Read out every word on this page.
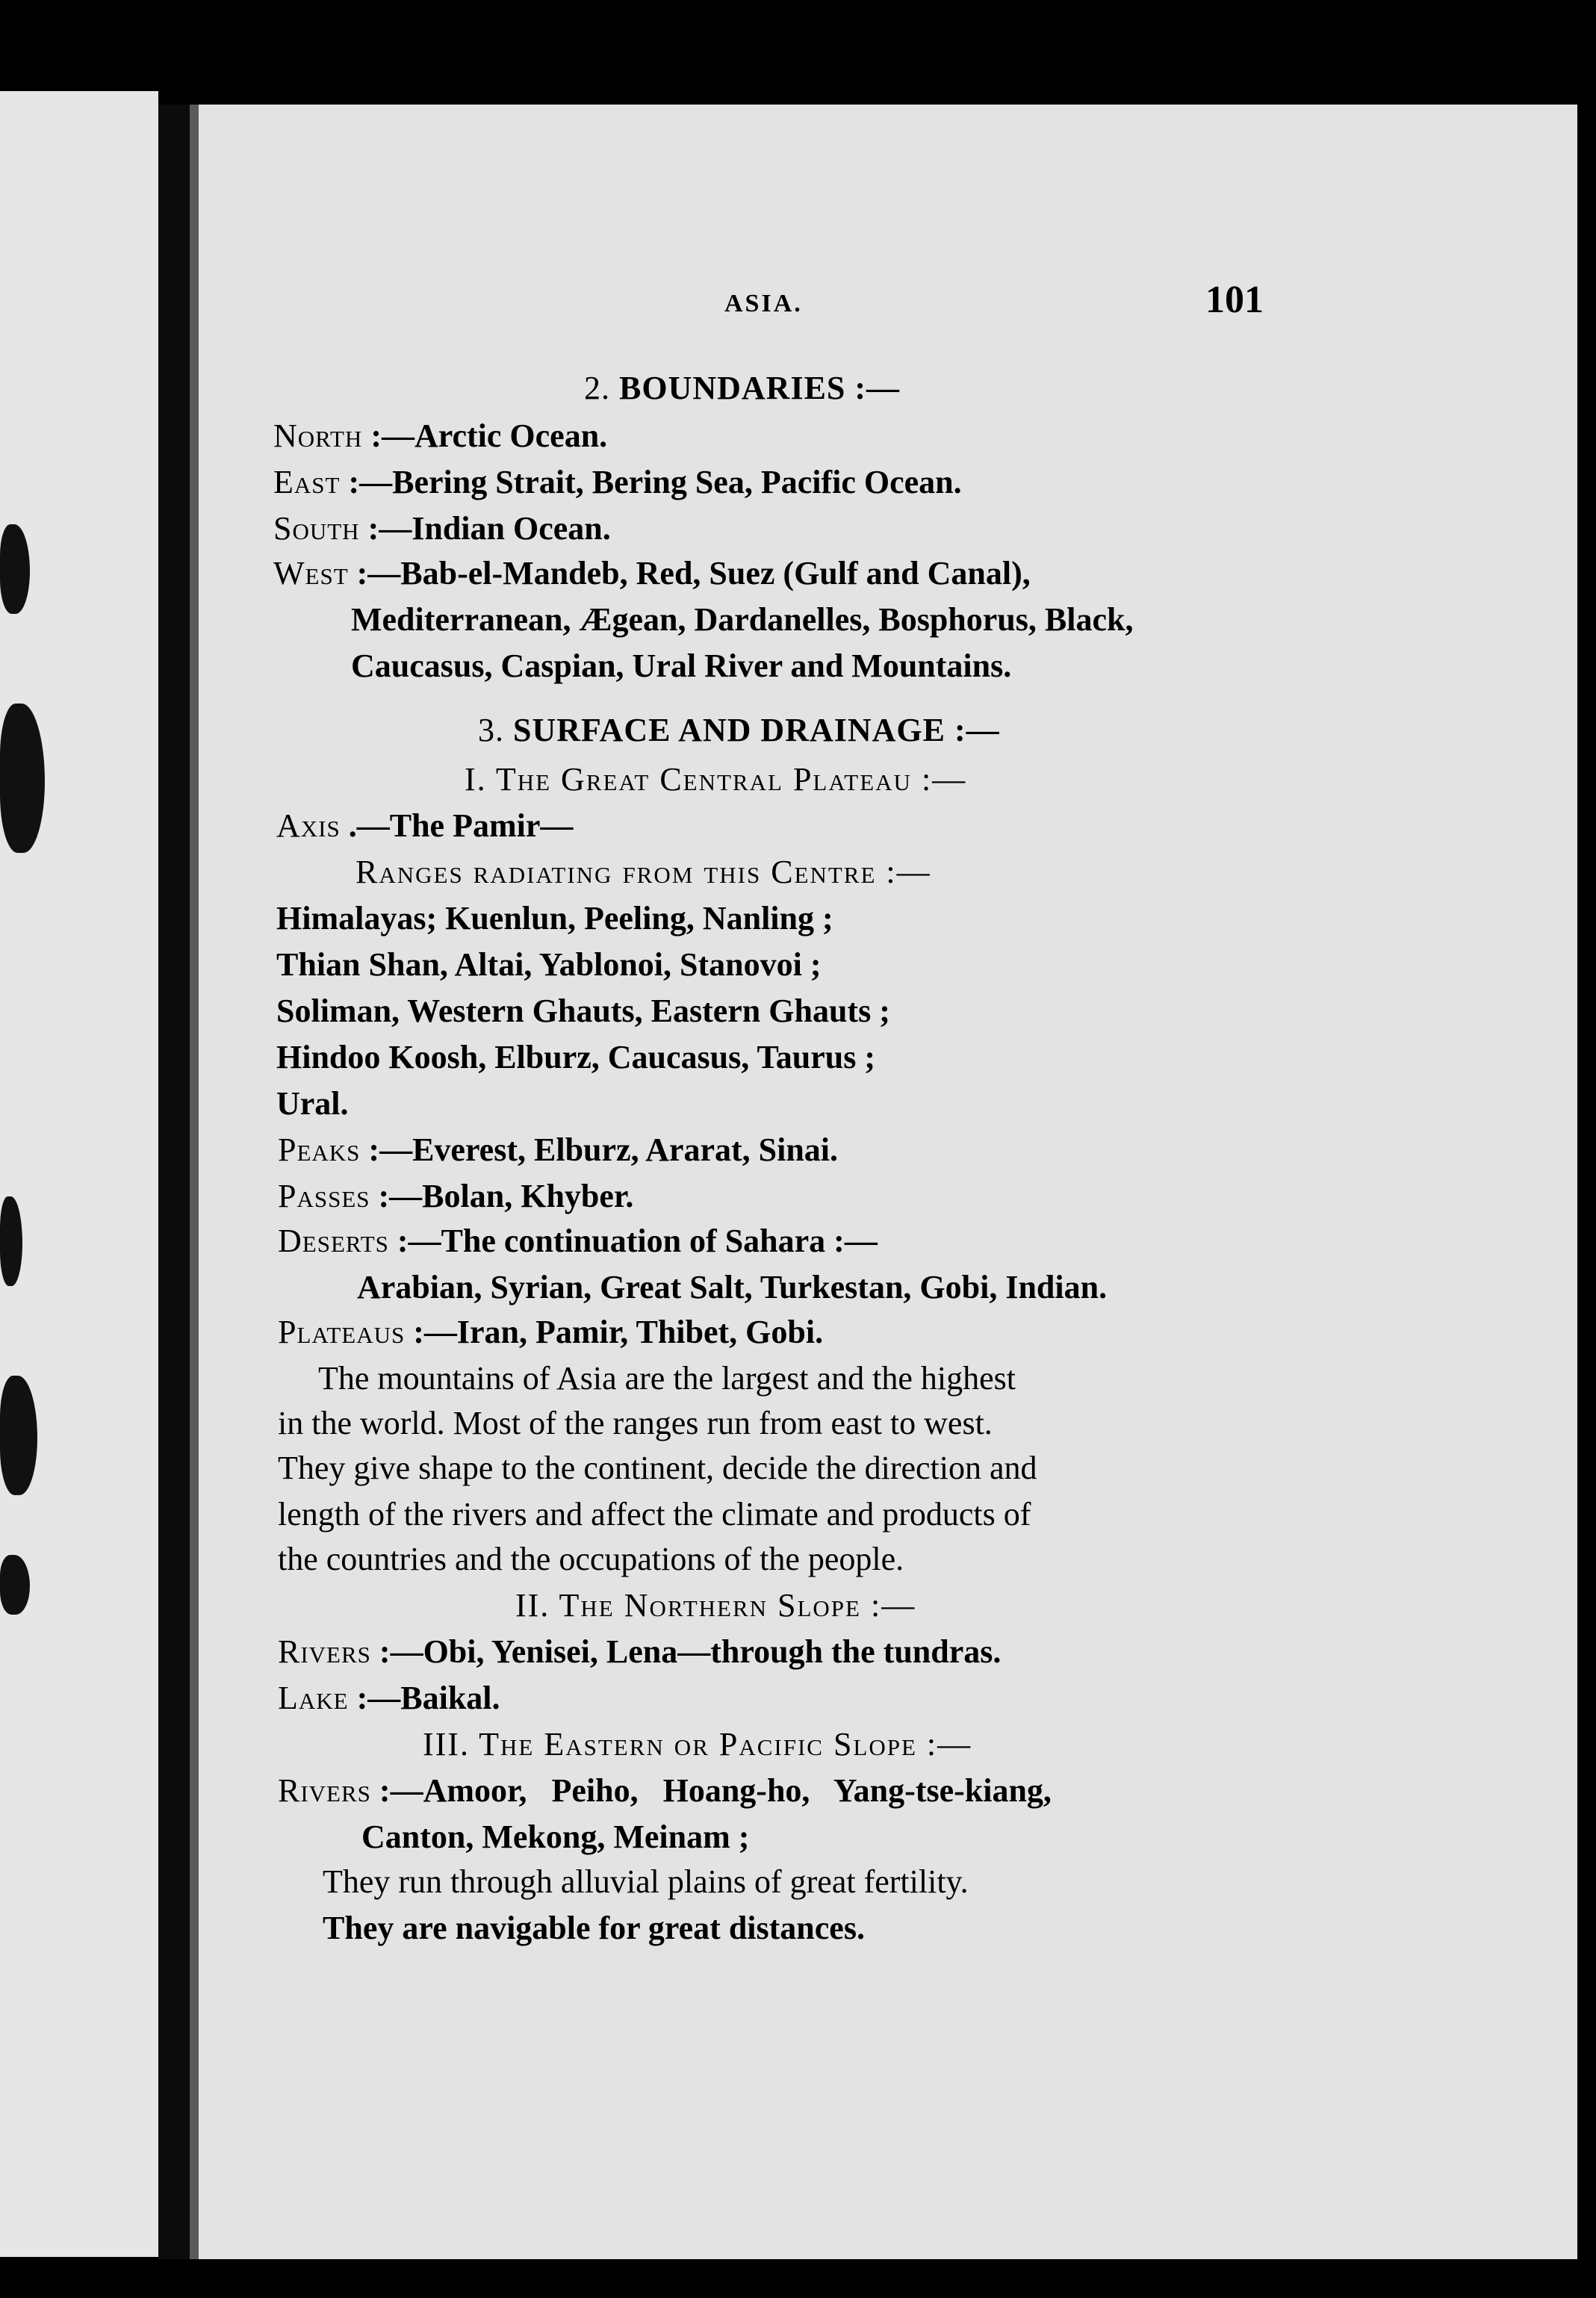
ASIA.	101
2. BOUNDARIES :—
North :—Arctic Ocean.
East :—Bering Strait, Bering Sea, Pacific Ocean.
South :—Indian Ocean.
West :—Bab-el-Mandeb, Red, Suez (Gulf and Canal),
Mediterranean, Ægean, Dardanelles, Bosphorus, Black,
Caucasus, Caspian, Ural River and Mountains.
3. SURFACE AND DRAINAGE :—
I. The Great Central Plateau :—
Axis .—The Pamir—
Ranges radiating from this Centre :—
Himalayas; Kuenlun, Peeling, Nanling ;
Thian Shan, Altai, Yablonoi, Stanovoi ;
Soliman, Western Ghauts, Eastern Ghauts ;
Hindoo Koosh, Elburz, Caucasus, Taurus ;
Ural.
Peaks :—Everest, Elburz, Ararat, Sinai.
Passes :—Bolan, Khyber.
Deserts :—The continuation of Sahara :—
Arabian, Syrian, Great Salt, Turkestan, Gobi, Indian.
Plateaus :—Iran, Pamir, Thibet, Gobi.
The mountains of Asia are the largest and the highest
in the world. Most of the ranges run from east to west.
They give shape to the continent, decide the direction and
length of the rivers and affect the climate and products of
the countries and the occupations of the people.
II. The Northern Slope :—
Rivers :—Obi, Yenisei, Lena—through the tundras.
Lake :—Baikal.
III. The Eastern or Pacific Slope :—
Rivers :—Amoor,   Peiho,   Hoang-ho,   Yang-tse-kiang,
Canton, Mekong, Meinam ;
They run through alluvial plains of great fertility.
They are navigable for great distances.
